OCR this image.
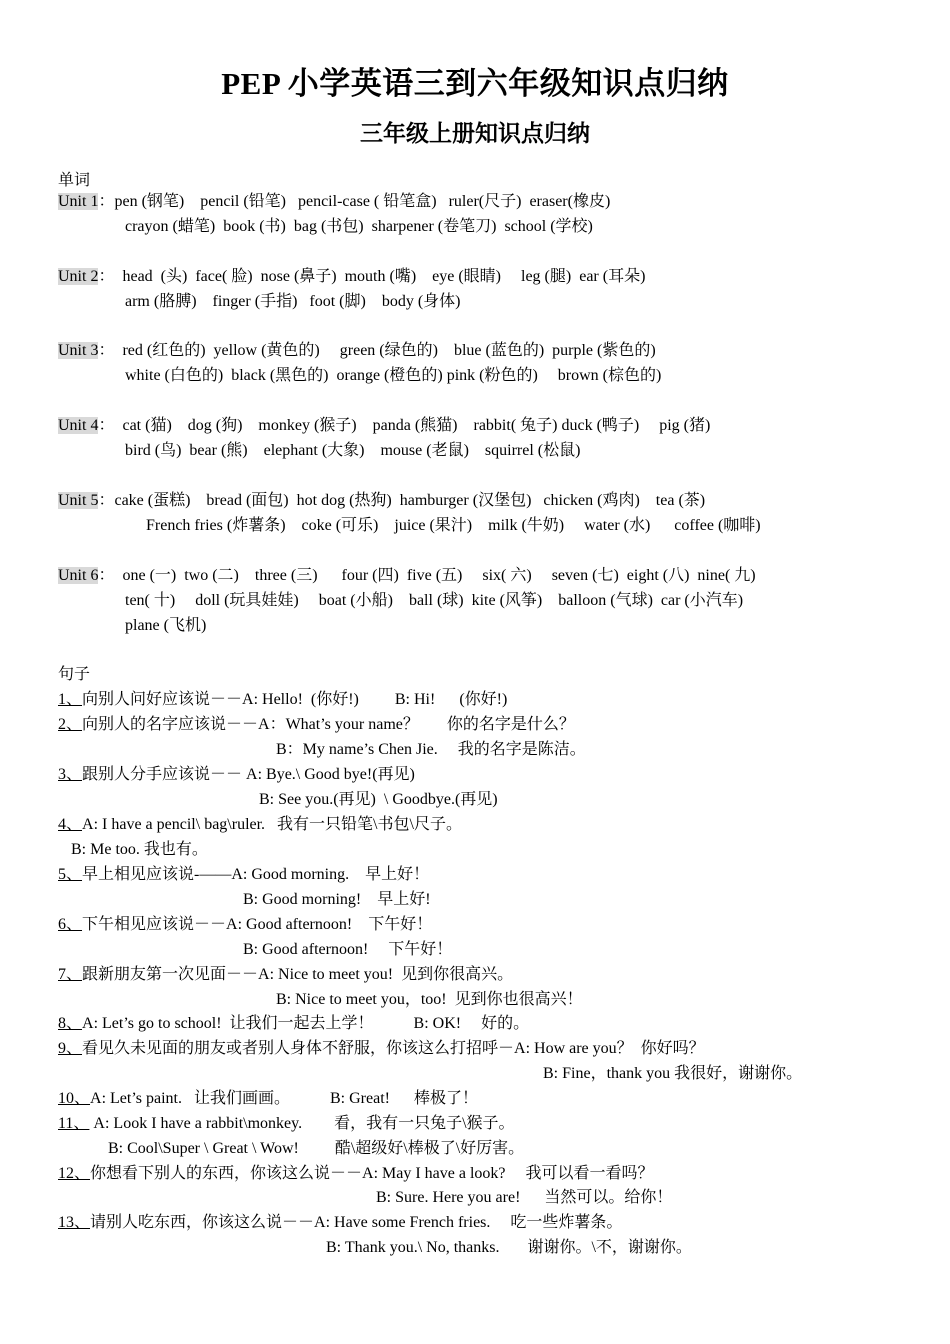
PEP 小学英语三到六年级知识点归纳
三年级上册知识点归纳
单词
Unit 1：pen (钢笔)    pencil (铅笔)   pencil-case ( 铅笔盒)   ruler(尺子)  eraser(橡皮)
crayon (蜡笔)  book (书)  bag (书包)  sharpener (卷笔刀)  school (学校)
Unit 2：  head  (头)  face( 脸)  nose (鼻子)  mouth (嘴)    eye (眼睛)     leg (腿)  ear (耳朵)
arm (胳膊)    finger (手指)   foot (脚)    body (身体)
Unit 3：  red (红色的)  yellow (黄色的)     green (绿色的)    blue (蓝色的)  purple (紫色的)
white (白色的)  black (黑色的)  orange (橙色的) pink (粉色的)     brown (棕色的)
Unit 4：  cat (猫)    dog (狗)    monkey (猴子)    panda (熊猫)    rabbit( 兔子) duck (鸭子)     pig (猪)
bird (鸟)  bear (熊)    elephant (大象)    mouse (老鼠)    squirrel (松鼠)
Unit 5：cake (蛋糕)    bread (面包)  hot dog (热狗)  hamburger (汉堡包)   chicken (鸡肉)    tea (茶)
French fries (炸薯条)    coke (可乐)    juice (果汁)    milk (牛奶)     water (水)      coffee (咖啡)
Unit 6：  one (一)  two (二)    three (三)      four (四)  five (五)     six( 六)     seven (七)  eight (八)  nine( 九)
ten( 十)     doll (玩具娃娃)     boat (小船)    ball (球)  kite (风筝)    balloon (气球)  car (小汽车)
plane (飞机)
句子
1、向别人问好应该说－－A: Hello!  (你好!)         B: Hi!      (你好!)
2、向别人的名字应该说－－A：What’s your name？       你的名字是什么？
B：My name’s Chen Jie.     我的名字是陈洁。
3、跟别人分手应该说－－ A: Bye.\ Good bye!(再见)
B: See you.(再见)  \ Goodbye.(再见)
4、A: I have a pencil\ bag\ruler.   我有一只铅笔\书包\尺子。
B: Me too. 我也有。
5、早上相见应该说-——A: Good morning.    早上好！
B: Good morning!    早上好!
6、下午相见应该说－－A: Good afternoon!    下午好！
B: Good afternoon!     下午好！
7、跟新朋友第一次见面－－A: Nice to meet you!  见到你很高兴。
B: Nice to meet you，too!  见到你也很高兴！
8、A: Let’s go to school!  让我们一起去上学！          B: OK!     好的。
9、看见久未见面的朋友或者别人身体不舒服，你该这么打招呼－A: How are you？  你好吗？
B: Fine，thank you 我很好，谢谢你。
10、A: Let’s paint.   让我们画画。          B: Great!      棒极了！
11、 A: Look I have a rabbit\monkey.        看，我有一只兔子\猴子。
B: Cool\Super \ Great \ Wow!         酷\超级好\棒极了\好厉害。
12、你想看下别人的东西，你该这么说－－A: May I have a look?     我可以看一看吗？
B: Sure. Here you are!      当然可以。给你！
13、请别人吃东西，你该这么说－－A: Have some French fries.     吃一些炸薯条。
B: Thank you.\ No, thanks.       谢谢你。\不，谢谢你。
